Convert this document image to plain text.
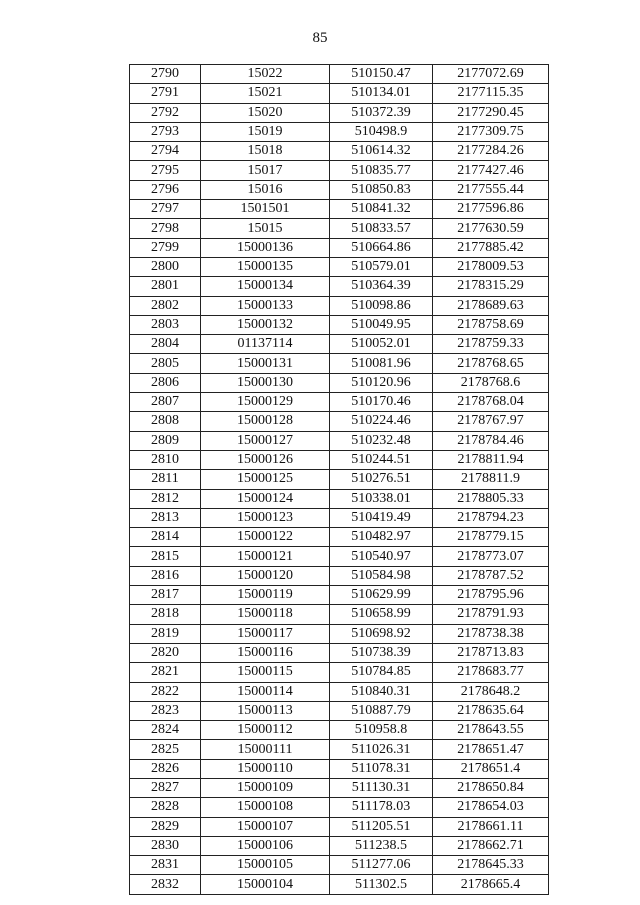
85
2790	15022	510150.47	2177072.69
2791	15021	510134.01	2177115.35
2792	15020	510372.39	2177290.45
2793	15019	510498.9	2177309.75
2794	15018	510614.32	2177284.26
2795	15017	510835.77	2177427.46
2796	15016	510850.83	2177555.44
2797	1501501	510841.32	2177596.86
2798	15015	510833.57	2177630.59
2799	15000136	510664.86	2177885.42
2800	15000135	510579.01	2178009.53
2801	15000134	510364.39	2178315.29
2802	15000133	510098.86	2178689.63
2803	15000132	510049.95	2178758.69
2804	01137114	510052.01	2178759.33
2805	15000131	510081.96	2178768.65
2806	15000130	510120.96	2178768.6
2807	15000129	510170.46	2178768.04
2808	15000128	510224.46	2178767.97
2809	15000127	510232.48	2178784.46
2810	15000126	510244.51	2178811.94
2811	15000125	510276.51	2178811.9
2812	15000124	510338.01	2178805.33
2813	15000123	510419.49	2178794.23
2814	15000122	510482.97	2178779.15
2815	15000121	510540.97	2178773.07
2816	15000120	510584.98	2178787.52
2817	15000119	510629.99	2178795.96
2818	15000118	510658.99	2178791.93
2819	15000117	510698.92	2178738.38
2820	15000116	510738.39	2178713.83
2821	15000115	510784.85	2178683.77
2822	15000114	510840.31	2178648.2
2823	15000113	510887.79	2178635.64
2824	15000112	510958.8	2178643.55
2825	15000111	511026.31	2178651.47
2826	15000110	511078.31	2178651.4
2827	15000109	511130.31	2178650.84
2828	15000108	511178.03	2178654.03
2829	15000107	511205.51	2178661.11
2830	15000106	511238.5	2178662.71
2831	15000105	511277.06	2178645.33
2832	15000104	511302.5	2178665.4
